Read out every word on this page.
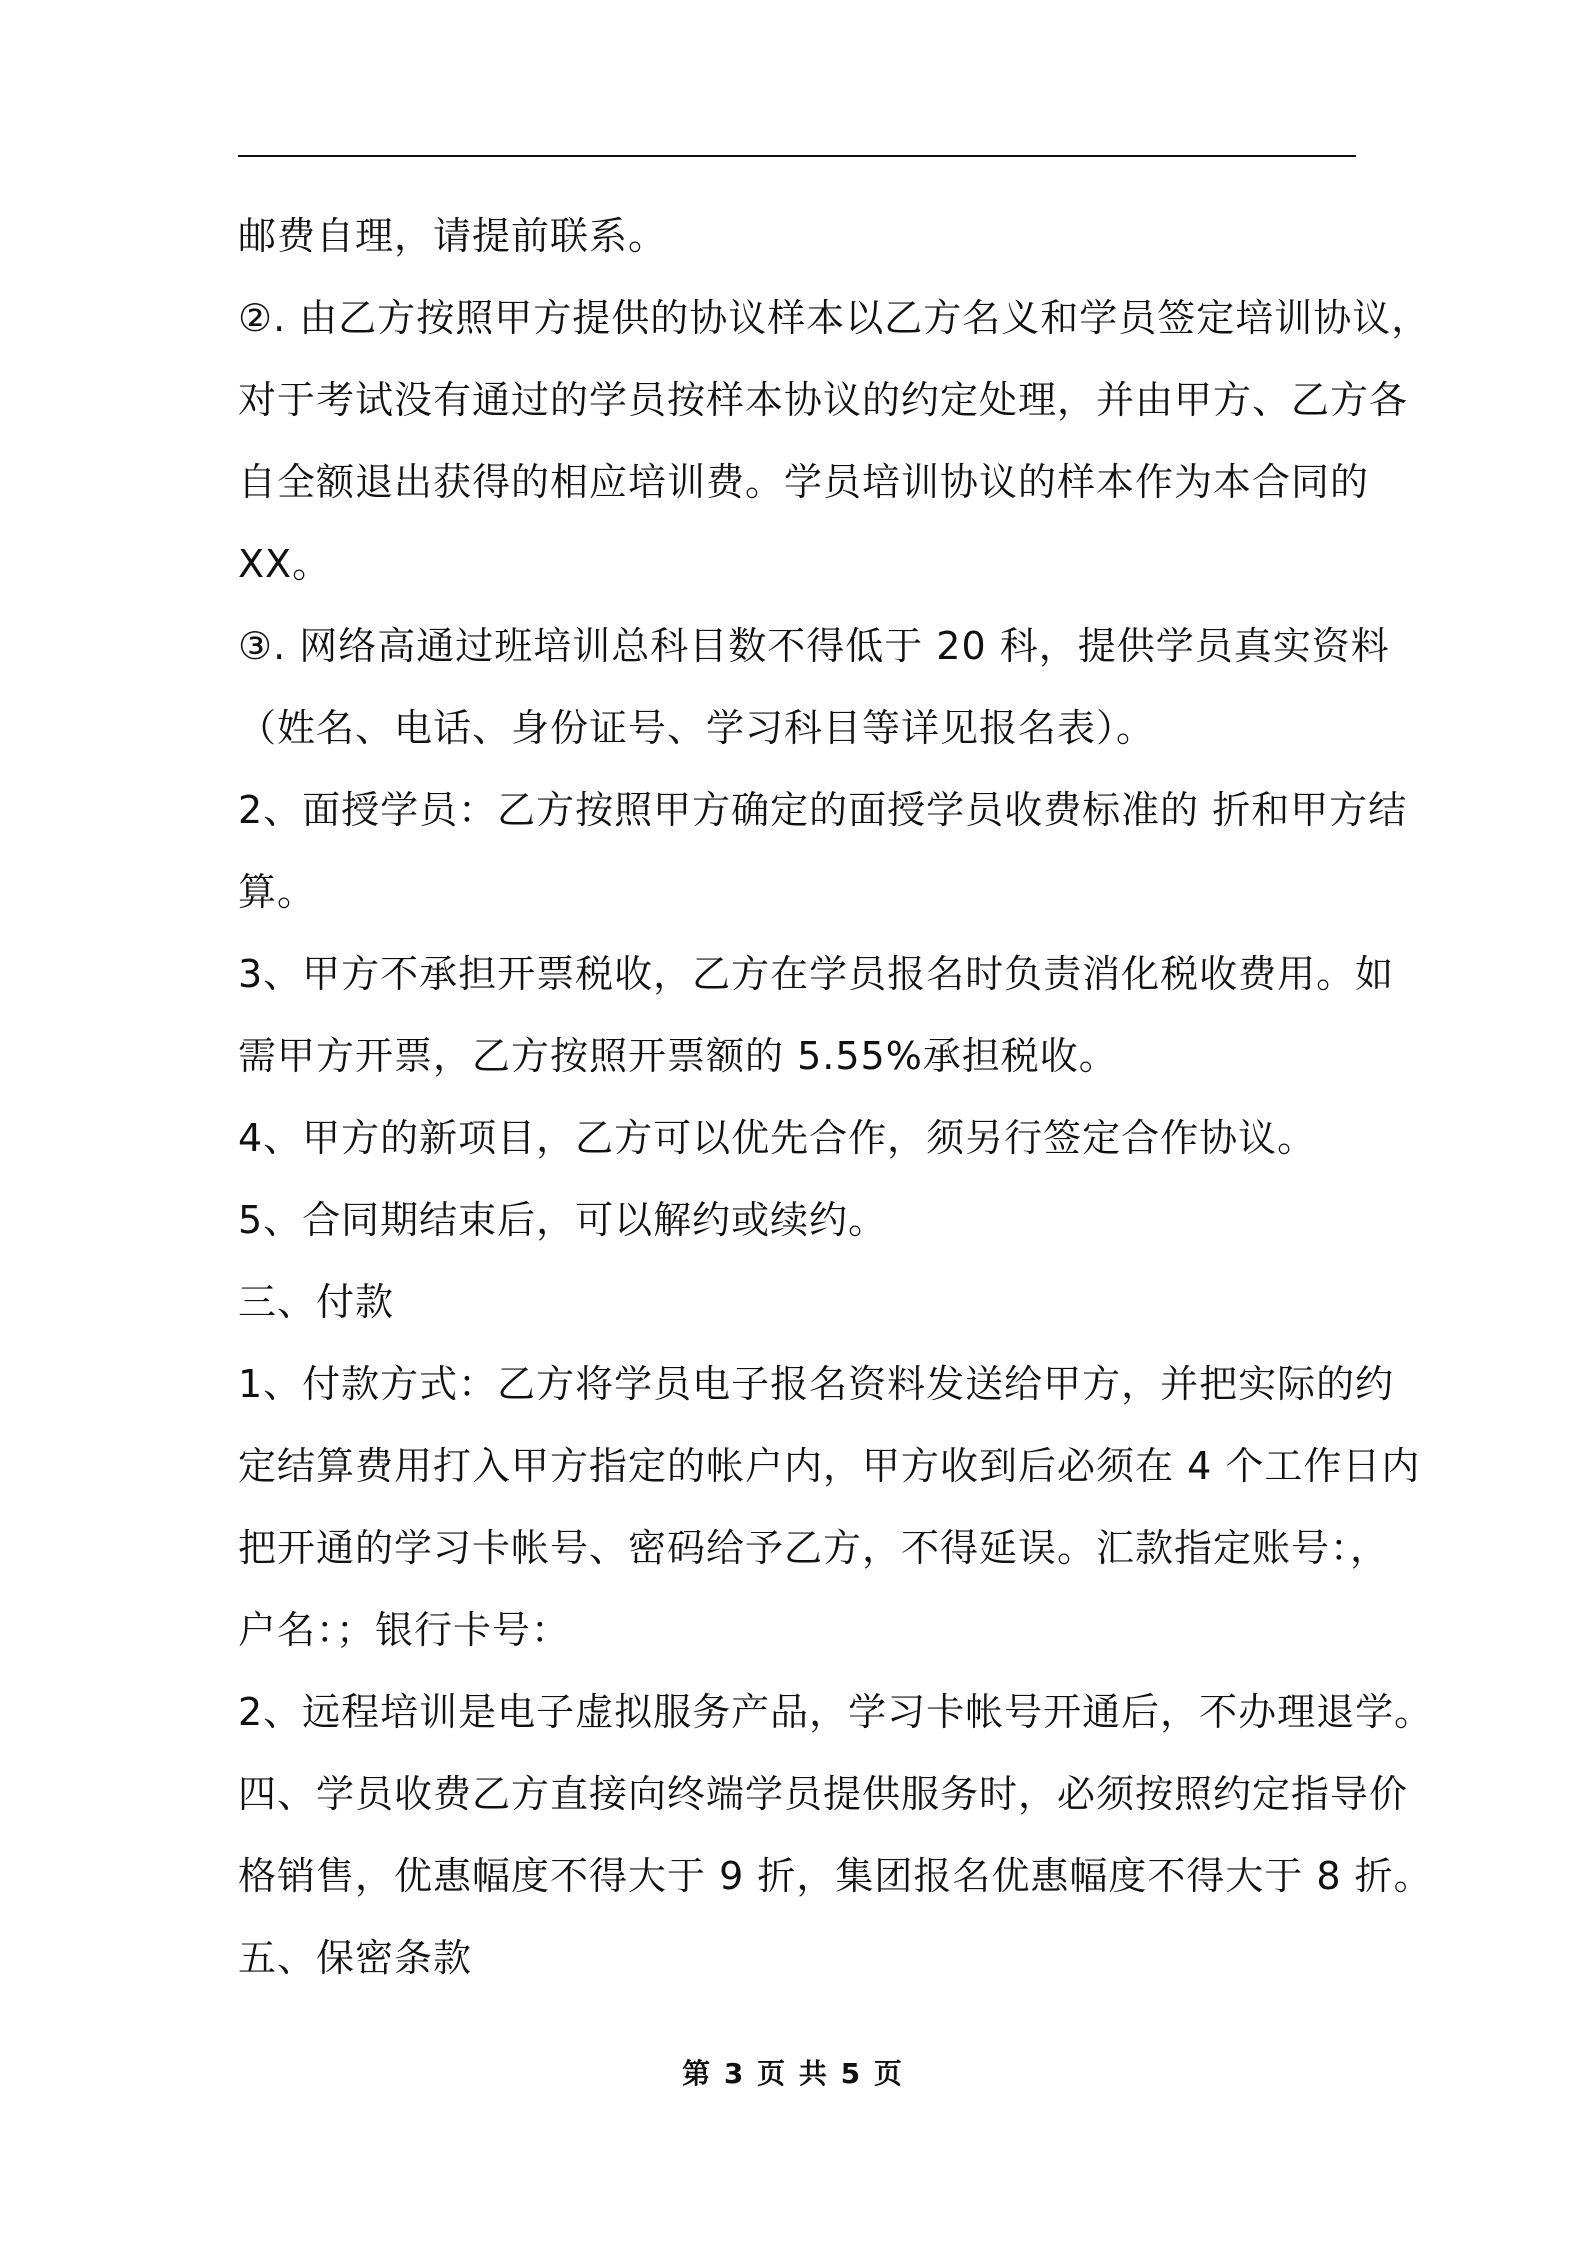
邮费自理，请提前联系。
②. 由乙方按照甲方提供的协议样本以乙方名义和学员签定培训协议，
对于考试没有通过的学员按样本协议的约定处理，并由甲方、乙方各
自全额退出获得的相应培训费。学员培训协议的样本作为本合同的
XX。
③. 网络高通过班培训总科目数不得低于 20 科，提供学员真实资料
（姓名、电话、身份证号、学习科目等详见报名表）。
2、面授学员：乙方按照甲方确定的面授学员收费标准的 折和甲方结
算。
3、甲方不承担开票税收，乙方在学员报名时负责消化税收费用。如
需甲方开票，乙方按照开票额的 5.55%承担税收。
4、甲方的新项目，乙方可以优先合作，须另行签定合作协议。
5、合同期结束后，可以解约或续约。
三、付款
1、付款方式：乙方将学员电子报名资料发送给甲方，并把实际的约
定结算费用打入甲方指定的帐户内，甲方收到后必须在 4 个工作日内
把开通的学习卡帐号、密码给予乙方，不得延误。汇款指定账号：，
户名：；银行卡号：
2、远程培训是电子虚拟服务产品，学习卡帐号开通后，不办理退学。
四、学员收费乙方直接向终端学员提供服务时，必须按照约定指导价
格销售，优惠幅度不得大于 9 折，集团报名优惠幅度不得大于 8 折。
五、保密条款
第 3 页 共 5 页
